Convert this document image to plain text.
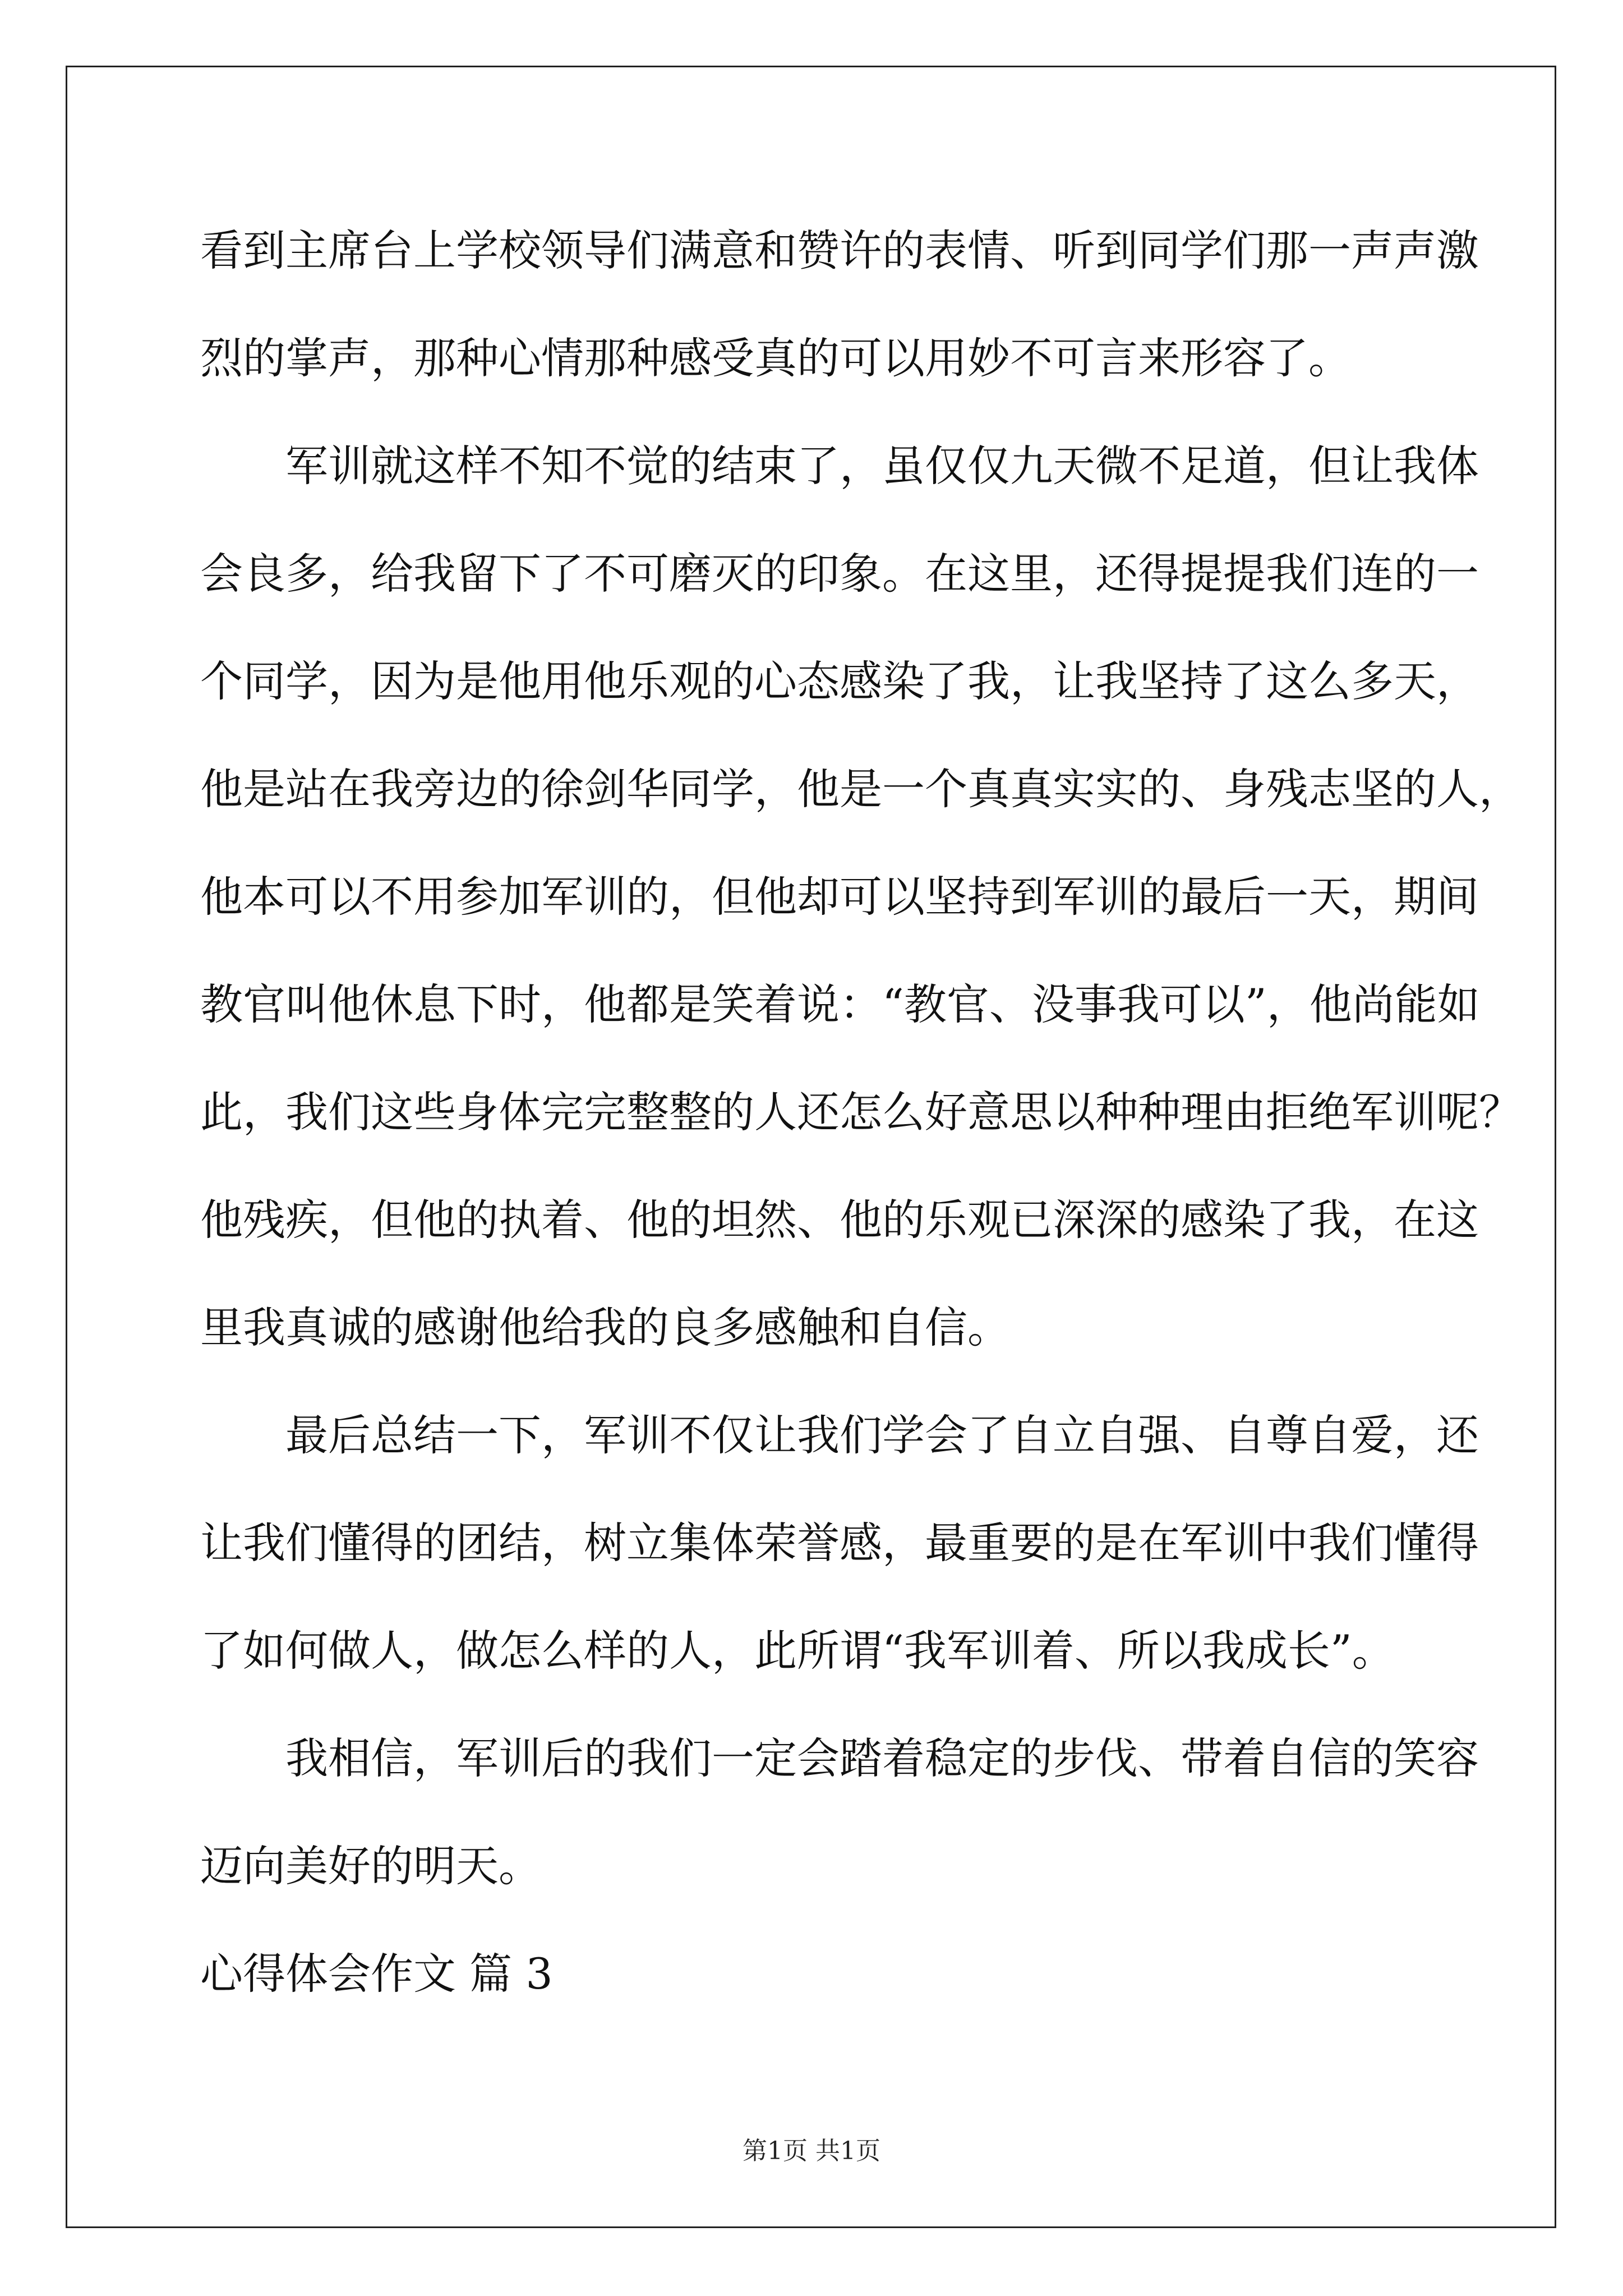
看到主席台上学校领导们满意和赞许的表情、听到同学们那一声声激
烈的掌声，那种心情那种感受真的可以用妙不可言来形容了。
军训就这样不知不觉的结束了，虽仅仅九天微不足道，但让我体
会良多，给我留下了不可磨灭的印象。在这里，还得提提我们连的一
个同学，因为是他用他乐观的心态感染了我，让我坚持了这么多天，
他是站在我旁边的徐剑华同学，他是一个真真实实的、身残志坚的人，
他本可以不用参加军训的，但他却可以坚持到军训的最后一天，期间
教官叫他休息下时，他都是笑着说：“教官、没事我可以”，他尚能如
此，我们这些身体完完整整的人还怎么好意思以种种理由拒绝军训呢？
他残疾，但他的执着、他的坦然、他的乐观已深深的感染了我，在这
里我真诚的感谢他给我的良多感触和自信。
最后总结一下，军训不仅让我们学会了自立自强、自尊自爱，还
让我们懂得的团结，树立集体荣誉感，最重要的是在军训中我们懂得
了如何做人，做怎么样的人，此所谓“我军训着、所以我成长”。
我相信，军训后的我们一定会踏着稳定的步伐、带着自信的笑容
迈向美好的明天。
心得体会作文 篇 3
第1页 共1页
